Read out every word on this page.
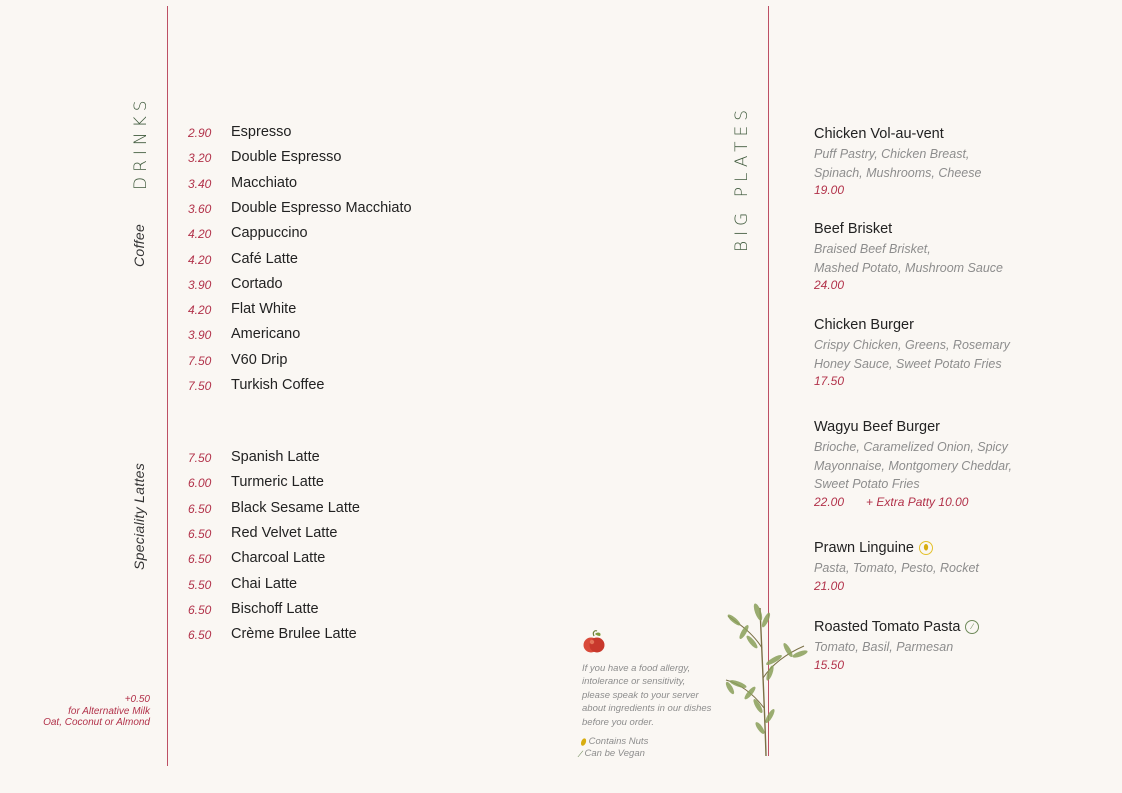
DRINKS
Coffee
Speciality Lattes
BIG PLATES
2.90	Espresso
3.20	Double Espresso
3.40	Macchiato
3.60	Double Espresso Macchiato
4.20	Cappuccino
4.20	Café Latte
3.90	Cortado
4.20	Flat White
3.90	Americano
7.50	V60 Drip
7.50	Turkish Coffee
7.50	Spanish Latte
6.00	Turmeric Latte
6.50	Black Sesame Latte
6.50	Red Velvet Latte
6.50	Charcoal Latte
5.50	Chai Latte
6.50	Bischoff Latte
6.50	Crème Brulee Latte
+0.50
for Alternative Milk
Oat, Coconut or Almond
Chicken Vol-au-vent
Puff Pastry, Chicken Breast,
Spinach, Mushrooms, Cheese
19.00
Beef Brisket
Braised Beef Brisket,
Mashed Potato, Mushroom Sauce
24.00
Chicken Burger
Crispy Chicken, Greens, Rosemary
Honey Sauce, Sweet Potato Fries
17.50
Wagyu Beef Burger
Brioche, Caramelized Onion, Spicy
Mayonnaise, Montgomery Cheddar,
Sweet Potato Fries
22.00 + Extra Patty 10.00
Prawn Linguine	⬮
Pasta, Tomato, Pesto, Rocket
21.00
Roasted Tomato Pasta	∕
Tomato, Basil, Parmesan
15.50
If you have a food allergy,
intolerance or sensitivity,
please speak to your server
about ingredients in our dishes
before you order.
⬮ Contains Nuts
∕ Can be Vegan
